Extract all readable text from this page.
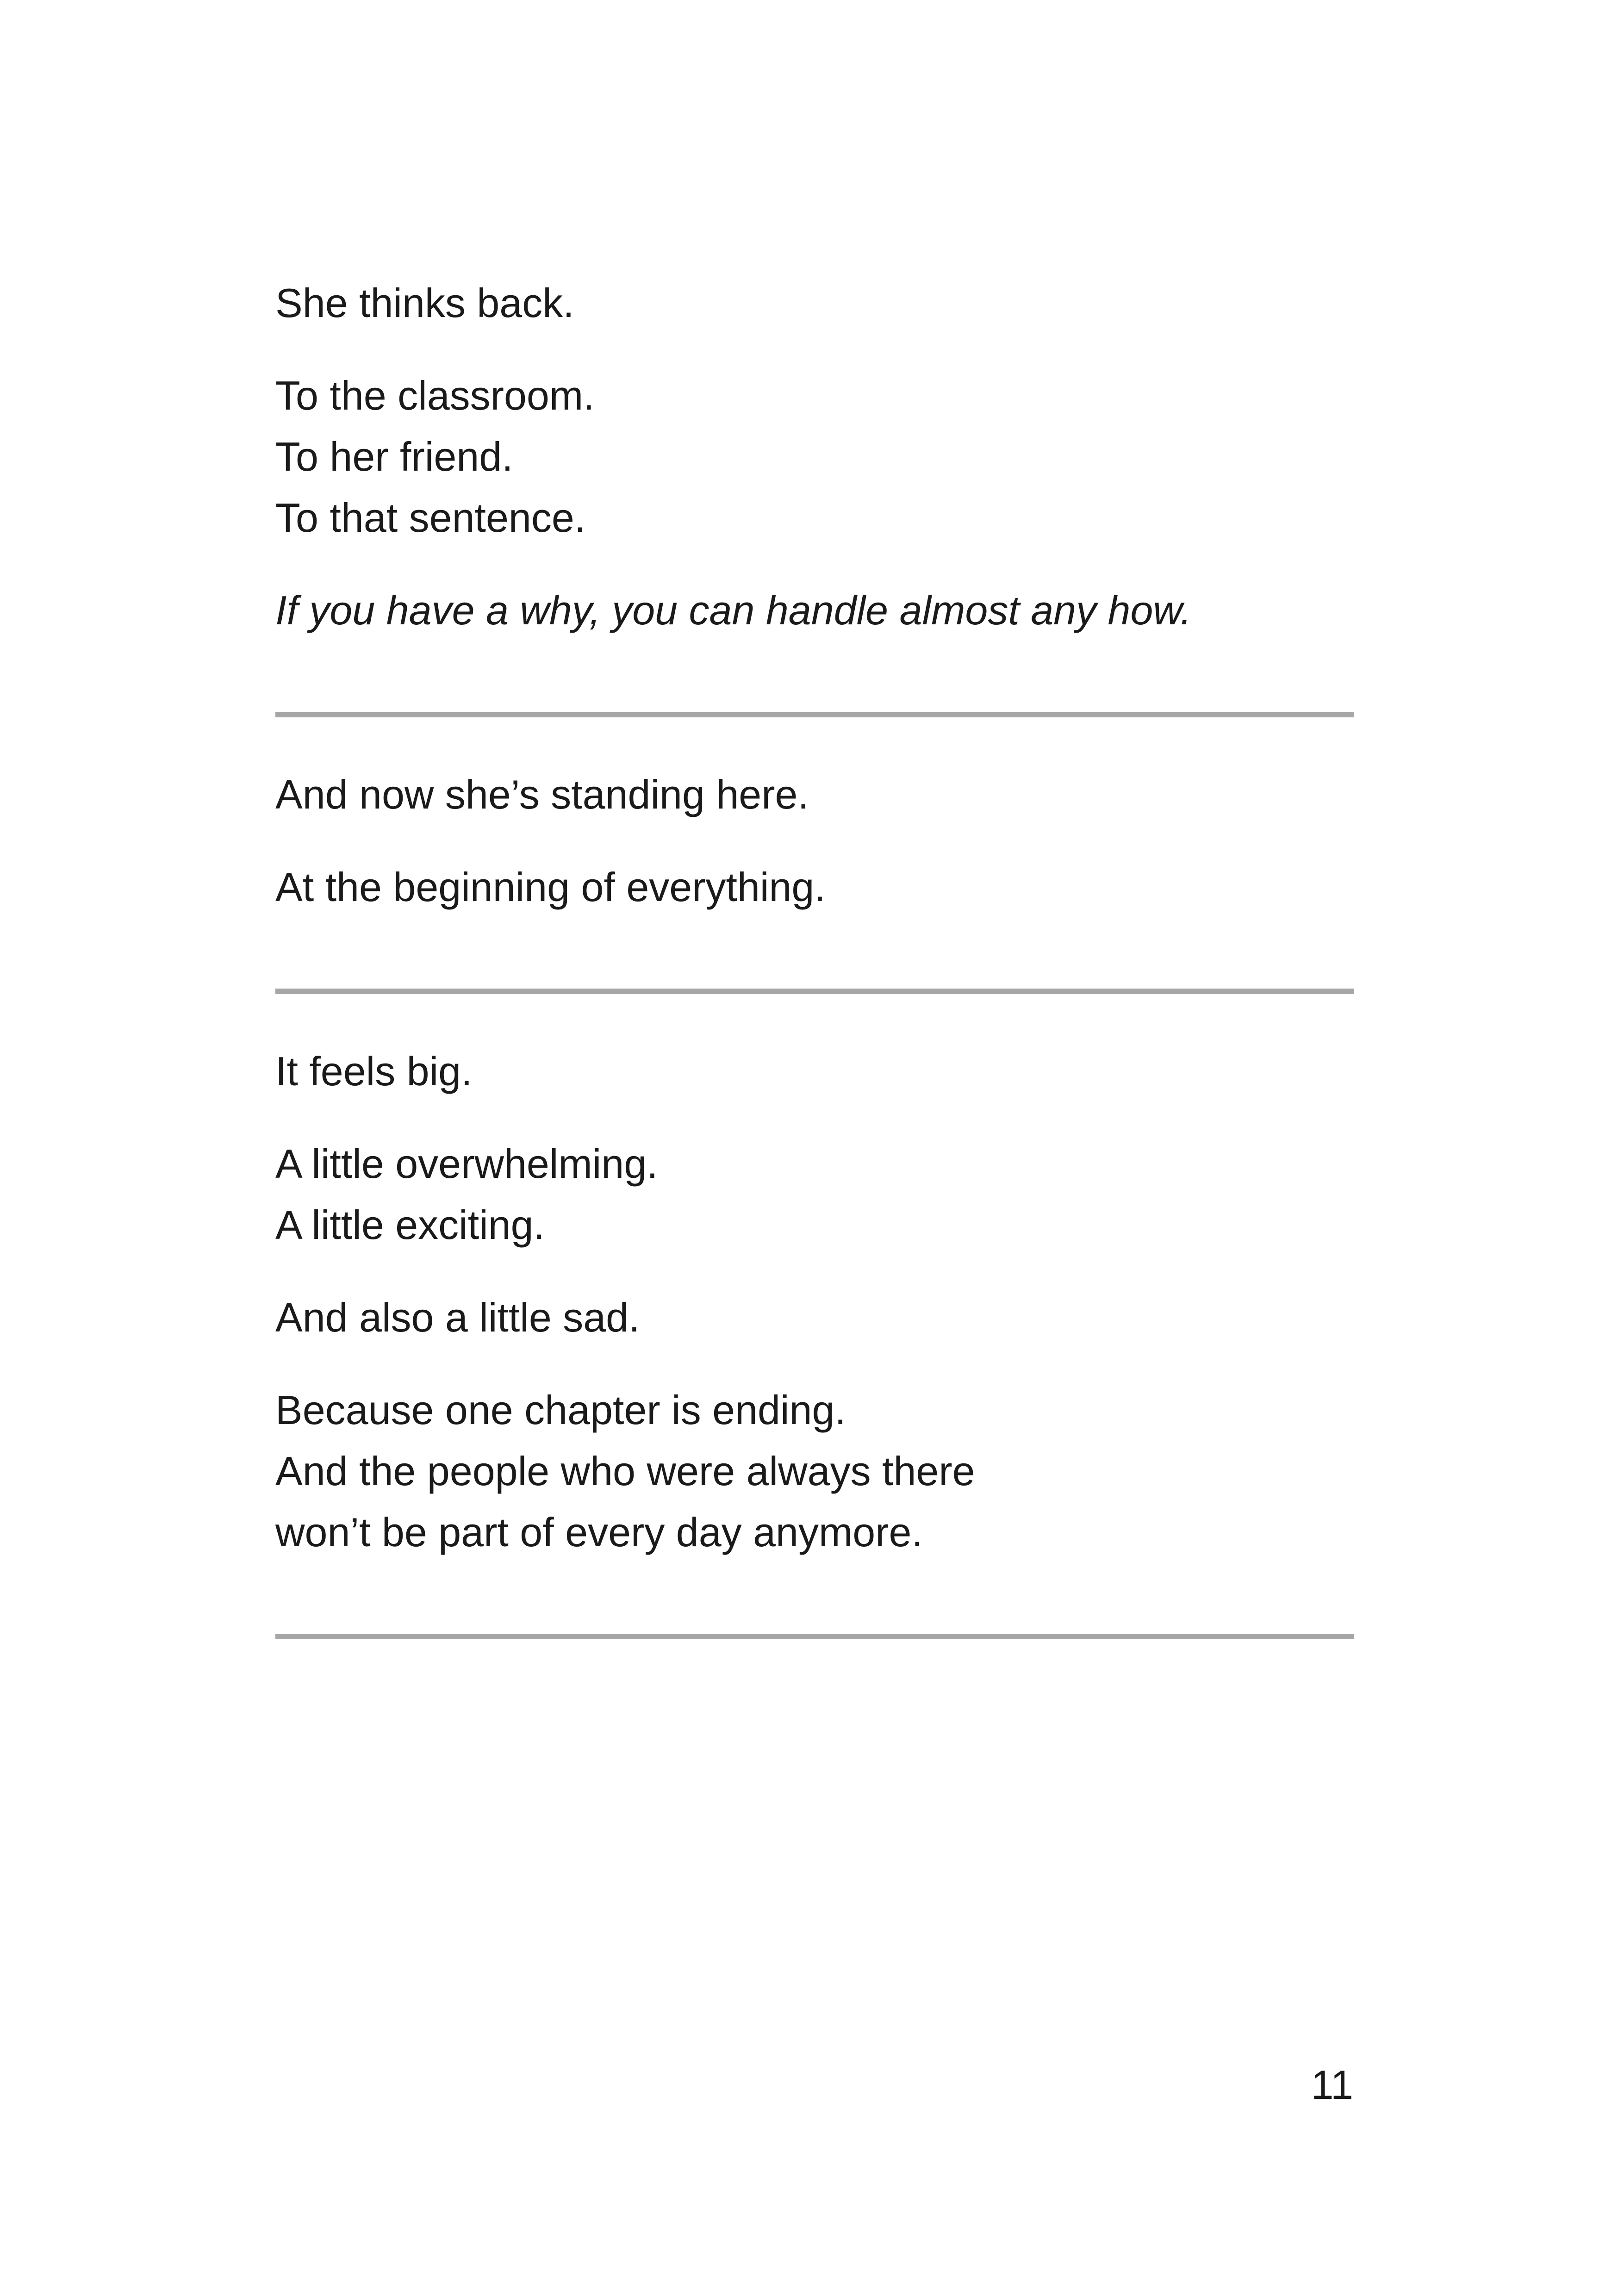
She thinks back.

To the classroom.

To her friend.

To that sentence.

If you have a why, you can handle almost any how.

And now she’s standing here.

At the beginning of everything.

It feels big.

A little overwhelming.

A little exciting.

And also a little sad.

Because one chapter is ending.

And the people who were always there

won’t be part of every day anymore.

11
